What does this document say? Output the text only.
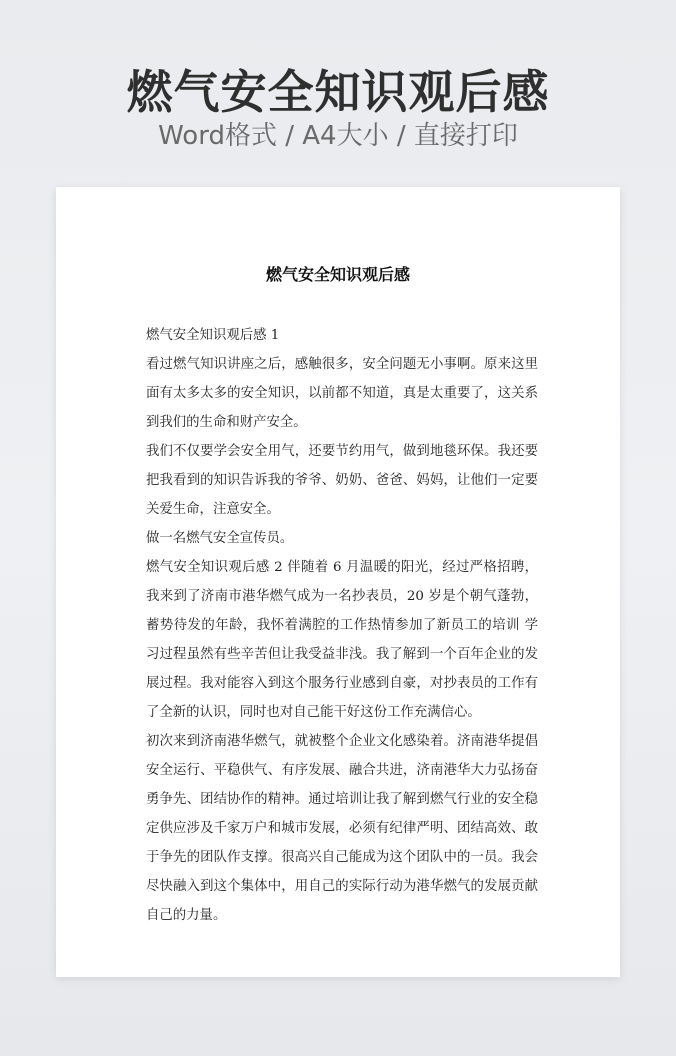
燃气安全知识观后感
Word格式 / A4大小 / 直接打印
燃气安全知识观后感

燃气安全知识观后感 1

看过燃气知识讲座之后，感触很多，安全问题无小事啊。原来这里面有太多太多的安全知识，以前都不知道，真是太重要了，这关系到我们的生命和财产安全。

我们不仅要学会安全用气，还要节约用气，做到地毯环保。我还要把我看到的知识告诉我的爷爷、奶奶、爸爸、妈妈，让他们一定要关爱生命，注意安全。

做一名燃气安全宣传员。

燃气安全知识观后感 2 伴随着 6 月温暖的阳光，经过严格招聘，我来到了济南市港华燃气成为一名抄表员，20 岁是个朝气蓬勃，蓄势待发的年龄，我怀着满腔的工作热情参加了新员工的培训 学习过程虽然有些辛苦但让我受益非浅。我了解到一个百年企业的发展过程。我对能容入到这个服务行业感到自豪，对抄表员的工作有了全新的认识，同时也对自己能干好这份工作充满信心。

初次来到济南港华燃气，就被整个企业文化感染着。济南港华提倡安全运行、平稳供气、有序发展、融合共进，济南港华大力弘扬奋勇争先、团结协作的精神。通过培训让我了解到燃气行业的安全稳定供应涉及千家万户和城市发展，必须有纪律严明、团结高效、敢于争先的团队作支撑。很高兴自己能成为这个团队中的一员。我会尽快融入到这个集体中，用自己的实际行动为港华燃气的发展贡献自己的力量。
